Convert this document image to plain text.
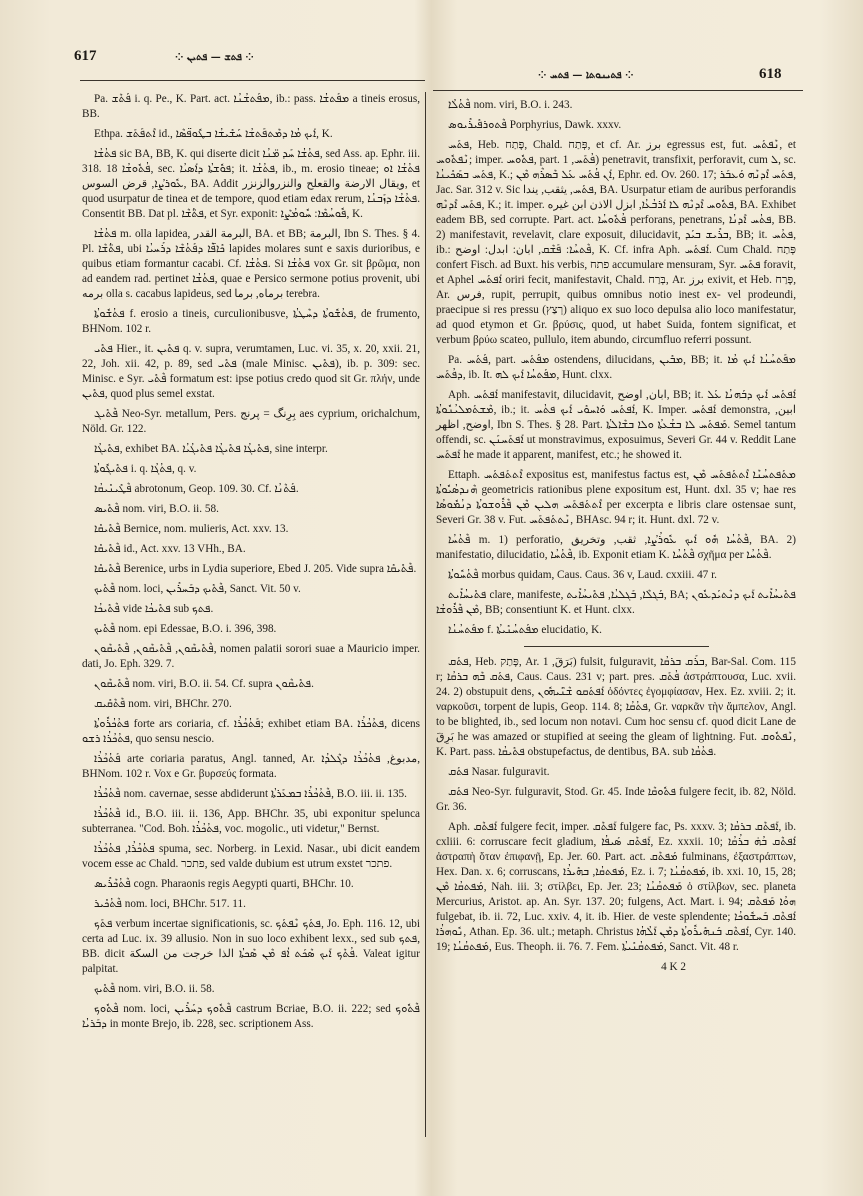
617	⁘ ܦܬܫ — ܦܬܝܢ ⁘
618
⁘ ܦܬܝܢܘܬܐ — ܦܬܚ ⁘

Pa. ܦܰܬܶܫ i. q. Pe., K. Part. act. ܡܦܰܬܫܳܢܳܐ, ib.: pass. ܡܦܰܬܫܳܐ a tineis erosus, BB.

Ethpa. ܐܶܬܦܰܬܰܫ id., ܐܰܝܟ ܡܳܐ ܕܡܶܬܦܰܬܫܳܐ ܚܰܫܺܝܫܳܐ ܒܛܽܘܦ̈ܣܶܐ, K.

ܦܬܳܫܳܐ sic BA, BB, K. qui diserte dicit ܦܬܳܫܳܐ ܚܰܕ ܡ̈ܢܳܐ, sed Ass. ap. Ephr. iii. 318. 18 ܦܳܬܽܘܫܳܐ, sec. ܦܘܽܫܬܳܐ ܕܐܰܣܝܳܐ; it. ܦܬܳܫܳܐ, ib., m. erosio tineae; ܦܬܳܫܳܐ ܐܘ ܥܽܘܪܨܳܐ, قرض السوس, BA. Addit ويقال الارضة والقعلح والنزروالزنزر, et quod usurpatur de tinea et de tempore, quod etiam edax rerum, ܦܬܳܫܳܐ ܕܙܰܒܢܳܐ. Consentit BB. Dat pl. ܦܬ̈ܳܫܶܐ, et Syr. exponit: ܦܽܘܚܳܡܶܐ: ܚܽܘܡܳܨܶܐ, K.

ܦܬܳܫܳܐ m. olla lapidea, البرمة القدر, BA. et BB; البرمة, Ibn S. Thes. § 4. Pl. ܦܬ̈ܳܫܶܐ, ubi ܟܺܐܦ̈ܶܐ ܕܦܰܬܳܫܶܐ ܕܪܰܚܝܳܐ lapides molares sunt e saxis durioribus, e quibus etiam formantur cacabi. Cf. ܦܬܳܫܳܐ. Si ܦܬܳܫܳܐ vox Gr. sit βρῶμα, non ad eandem rad. pertinet ܦܬܳܫܳܐ, quae e Persico sermone potius provenit, ubi برمه olla s. cacabus lapideus, sed برماه, برما terebra.

ܦܬܳܫܽܘܬܳܐ f. erosio a tineis, curculionibusve, ܦܬܳܫܽܘܬܳܐ ܕܚܶܛܬܳܐ, de frumento, BHNom. 102 r.

ܦܬܺܝ Hier., it. ܦܬܺܝܢ q. v. supra, verumtamen, Luc. vi. 35, x. 20, xxii. 21, 22, Joh. xii. 42, p. 89, sed ܦܬܺܝ (male Minisc. ܦܬܺܝܢ), ib. p. 309: sec. Minisc. e Syr. ܦܶܬܺܝ formatum est: ipse potius credo quod sit Gr. πλήν, unde ܦܬܺܝܢ, quod plus semel exstat.

ܦܶܬܺܝܓ Neo-Syr. metallum, Pers. بِرِنگ = پرنج aes cyprium, orichalchum, Nöld. Gr. 122.

ܦܬܺܝܓܳܐ, exhibet BA. ܦܬܺܝܓܳܐ ܦܬܺܝܓܳܐ ܦܬܺܝܓܳܝܳܐ, sine interpr.

ܦܬܺܝܓܽܘܬܳܐ i. q. ܦܬܳܓܳܐ, q. v.

ܦܶܛܺܝܢܺܝܩܳܐ abrotonum, Geop. 109. 30. Cf. ܦܰܬܶܢܳܐ.

ܦܶܬܺܝܣ nom. viri, B.O. ii. 58.

ܦܶܬܺܝܩܺܐ Bernice, nom. mulieris, Act. xxv. 13.

ܦܶܬܺܝܩܺܐ id., Act. xxv. 13 VHh., BA.

ܦܶܬܺܝܩܺܐ Berenice, urbs in Lydia superiore, Ebed J. 205. Vide supra ܦܶܬܺܝܩܺܐ.

ܦܶܬܺܝܟ nom. loci, ܦܶܬܺܝܟ ܕܒܰܚܪܺܝܢ, Sanct. Vit. 50 v.

ܦܶܬܺܝܟܳܐ vide ܦܬܺܝܟܳܐ sub ܦܬܟ.

ܦܶܬܺܝܟ nom. epi Edessae, B.O. i. 396, 398.

ܦܶܬܺܝܩܶܘܢ, ܦܶܬܺܝܩܶܘܢ, ܦܶܬܺܝܩܶܘܢ, nomen palatii sorori suae a Mauricio imper. dati, Jo. Eph. 329. 7.

ܦܶܬܺܝܩܶܘܢ nom. viri, B.O. ii. 54. Cf. supra ܦܬܺܝܩܶܘܢ.

ܦܶܬܶܩܺܝܩ nom. viri, BHChr. 270.

ܦܬܳܟܳܪܽܘܬܳܐ forte ars coriaria, cf. ܦܰܬܳܟܳܪܳܐ; exhibet etiam BA. ܦܬܳܟܳܪܳܐ, dicens ܦܬܳܟܳܪܳܐ ܪܫܘ, quo sensu nescio.

ܦܰܬܳܟܳܪܳܐ arte coriaria paratus, Angl. tanned, Ar. مدبوغ, ܦܬܳܟܳܪܳܐ ܕܓܶܠܕܳܐ, BHNom. 102 r. Vox e Gr. βυρσεύς formata.

ܦܶܬܳܟܳܪܳܐ nom. cavernae, sesse abdiderunt ܦܶܬܳܟܳܪܳܐ ܒܡܥܰܪܬܳܐ, B.O. iii. ii. 135.

ܦܶܬܳܟܳܪܳܐ id., B.O. iii. ii. 136, App. BHChr. 35, ubi exponitur spelunca subterranea. "Cod. Boh. ܦܬܳܟܳܪܳܐ, voc. mogolic., uti videtur," Bernst.

ܦܬܳܟܳܪܳܐ, ܦܬܳܟܳܪܳܐ spuma, sec. Norberg. in Lexid. Nasar., ubi dicit eandem vocem esse ac Chald. פתכר, sed valde dubium est utrum exstet פתכר.

ܦܶܬܳܟܶܪܺܝܣ cogn. Pharaonis regis Aegypti quarti, BHChr. 10.

ܦܶܬܳܟܺܝܪ nom. loci, BHChr. 517. 11.

ܦܬܰܟ verbum incertae significationis, sc. ܦܬܰܟ ܢܶܦܬܰܟ, Jo. Eph. 116. 12, ubi certa ad Luc. ix. 39 allusio. Non in suo loco exhibent lexx., sed sub ܦܬܟ, BB. dicit ܦܳܬܶܟ ܐܰܝܟ ܣܶܟܰܬ ܐܳܦ ܡܶܢ ܣܶܟܬܳܐ الذا خرجت من السكة. Valeat igitur palpitat.

ܦܶܬܺܝܟ nom. viri, B.O. ii. 58.

ܦܶܬܽܘܟ nom. loci, ܦܶܬܽܘܟ ܕܚܰܪܺܝܢ castrum Bcriae, B.O. ii. 222; sed ܦܶܬܽܘܟ ܕܒܰܪܝܳܐ in monte Brejo, ib. 228, sec. scriptionem Ass.

ܦܶܬܳܠܳܐ nom. viri, B.O. i. 243.

ܦܶܬܘܪܦܺܝܪܺܝܘܣ Porphyrius, Dawk. xxxv.

ܦܬܰܚ, Heb. פָּתַח, Chald. פְּתַח, et cf. Ar. برز egressus est, fut. ܢܶܦܬܰܚ, et ܢܶܦܬܽܘܚ; imper. ܦܬܽܘܚ, part. ܦܳܬܰܚ, 1) penetravit, transfixit, perforavit, cum ܠ, sc. ܦܬܰܚ ܒܣܰܟܺܝܢܳܐ, K.; ܐܰܢ ܦܳܬܰܚ ܥܰܠ ܒܶܣܪܶܗ ܡܶܢ, Ephr. ed. Ov. 260. 17; ܦܬܰܚ ܐܶܕܢܶܗ ܘܰܥܒܰܪ, Jac. Sar. 312 v. Sic ܦܬܰܚ, يثقب, يندا, BA. Usurpatur etiam de auribus perforandis ܦܬܰܚ ܐܶܕܢܶܗ, K.; it. imper. ܦܬܽܘܚ ܐܶܕܢܶܗ ܠܐ ܐܰܪܒܳܥܳܐ, ابزل الاذن ابن غيره, BA. Exhibet eadem BB, sed corrupte. Part. act. ܦܳܬܽܘܚܳܐ perforans, penetrans, ܦܬܳܚ ܐܶܕܢܳܐ, BB. 2) manifestavit, revelavit, clare exposuit, dilucidavit, ܒܪܺܝܫ ܒܝܰܕ, BB; it. ܦܬܳܚ, ib.: ܦܶܬܚܳܐ: ܦܰܫܶܩ, ابان: ابدل: اوضح, K. Cf. infra Aph. ܐܰܦܬܰܚ. Cum Chald. פְּתַח confert Fisch. ad Buxt. his verbis, פתח accumulare mensuram, Syr. ܦܬܰܚ foravit, et Aphel ܐܰܦܬܰܚ oriri fecit, manifestavit, Chald. בְּרַח, Ar. برز exivit, et Heb. פָּרַח, Ar. فرس, rupit, perrupit, quibus omnibus notio inest ex- vel prodeundi, praecipue si res pressu (רְצַץ) aliquo ex suo loco depulsa alio loco manifestatur, ad quod etymon et Gr. βρύσις, quod, ut habet Suida, fontem significat, et verbum βρύω scateo, pullulo, item abundo, circumfluo referri possunt.

Pa. ܦܰܬܰܚ, part. ܡܦܰܬܰܚ ostendens, dilucidans, ܡܒܺܝܢ, BB; it. ܡܦܰܬܚܳܢܳܐ ܐܰܝܟ ܡܳܐ ܕܦܳܬܰܚ, ib. It. ܡܦܰܬܚܳܐ ܐܰܝܟ ܠܗ, Hunt. clxx.

Aph. ܐܰܦܬܰܚ manifestavit, dilucidavit, ابان, اوضح, BB; it. ܐܰܦܬܰܚ ܐܰܝܟ ܕܒܰܗܢܳܐ ܥܰܠ ܡܶܫܬܰܡܠܝܳܢܽܘܬܳܐ, ib.; it. ܐܰܦܬܰܚ ܘܰܐܚܘܺܝ ܐܰܝܟ ܦܬܳܚ, K. Imper. ܐܰܦܬܰܚ demonstra, ابين, اوضح, اظهر, Ibn S. Thes. § 28. Part. ܡܰܦܬܰܚ ܠܐ ܒܫܳܥܬܳܐ ܘܠܐ ܒܫܶܐܠܬܳܐ. Semel tantum offendi, sc. ܐܰܦܬܰܚܢܰܢ ut monstravimus, exposuimus, Severi Gr. 44 v. Reddit Lane ܐܰܦܬܰܚ he made it apparent, manifest, etc.; he showed it.

Ettaph. ܐܶܬܬܰܦܬܰܚ expositus est, manifestus factus est, ܡܬܰܦܬܚܳܢܶܐ ܐܶܬܬܰܦܬܰܚ ܡܶܢ ܗܶܢܕܣܳܝܽܘܬܳܐ geometricis rationibus plene expositum est, Hunt. dxl. 35 v; hae res ܐܶܬܬܰܦܬܰܚ ܗܠܝܢ ܡܶܢ ܦܶܪܽܘܫܘܬܳܐ ܕܢܳܡܽܘܣܳܐ per excerpta e libris clare ostensae sunt, Severi Gr. 38 v. Fut. ܢܶܬܬܰܦܬܰܚ, BHAsc. 94 r; it. Hunt. dxl. 72 v.

ܦܶܬܳܚܳܐ m. 1) perforatio, ܦܶܬܳܚܳܐ ܗܽܘ ܐܰܝܟ ܥܽܘܪܳܨܳܐ, ثقب, وتخريق, BA. 2) manifestatio, dilucidatio, ܦܶܬܳܚܳܐ, ib. Exponit etiam K. ܦܶܬܳܚܳܐ σχῆμα per ܦܶܬܳܚܳܐ.

ܦܶܬܳܚܽܘܬܳܐ morbus quidam, Caus. Caus. 36 v, Laud. cxxiii. 47 r.

ܦܬܺܝܚܳܐܺܝܬ clare, manifeste, ܒܰܓܠܶܐ, ܒܰܓܠܝܳܐ, ܦܬܺܝܚܳܐܺܝܬ, BA; ܦܬܺܝܚܳܐܺܝܬ ܐܰܝܟ ܕܢܶܬܝܰܕܥܽܘܢ ܡܶܢ ܦܶܪܽܘܫܳܐ, BB; consentiunt K. et Hunt. clxx.

ܡܦܰܬܚܳܢܳܐ f. ܡܦܰܬܚܳܢܺܝܬܳܐ elucidatio, K.

ܦܬܰܩ, Heb. פָּתַק, Ar. بَرَقَ, 1) fulsit, fulguravit, ܒܪܰܩ ܒܪܩܳܐ, Bar-Sal. Com. 115 r; ܦܬܰܩ ܒܶܗ ܒܪܩܳܐ, Caus. Caus. 231 v; part. pres. ܦܳܬܰܩ ἀστράπτουσα, Luc. xvii. 24. 2) obstupuit dens, ܐܰܦܬܰܩܘ ܫܶܢܰ̈ܝܗܽܘܢ ὀδόντες ἐγομφίασαν, Hex. Ez. xviii. 2; it. ναρκοῦσι, torpent de lupis, Geop. 114. 8; ܦܬܳܩܳܐ, Gr. ναρκᾶν τὴν ἄμπελον, Angl. to be blighted, ib., sed locum non notavi. Cum hoc sensu cf. quod dicit Lane de بَرِقَ he was amazed or stupified at seeing the gleam of lightning. Fut. ܢܶܦܬܽܘܩ, K. Part. pass. ܦܬܺܝܩܳܐ obstupefactus, de dentibus, BA. sub ܦܬܳܩܳܐ.

ܦܬܰܩ Nasar. fulguravit.

ܦܬܰܩ Neo-Syr. fulguravit, Stod. Gr. 45. Inde ܦܬܽܘܩܶܐ fulgere fecit, ib. 82, Nöld. Gr. 36.

Aph. ܐܰܦܬܶܩ fulgere fecit, imper. ܐܰܦܬܶܩ fulgere fac, Ps. xxxv. 3; ܐܰܦܬܶܩ ܒܪܩܳܐ, ib. cxliii. 6: corruscare fecit gladium, ܐܰܦܬܶܩ ܣܰܝܦܳܐ, Ez. xxxii. 10; ܐܰܦܬܶܩ ܒܳܗ̇ ܒܪܳܩܳܐ ἀστραπὴ ὅταν ἐπιφανῇ, Ep. Jer. 60. Part. act. ܡܰܦܬܶܩ fulminans, ἐξαστράπτων, Hex. Dan. x. 6; corruscans, ܡܰܦܬܩܳܐ, ܒܗܺܝܪܳܐ, Ez. i. 7; ܡܰܦܬܩܳܢܳܐ, ib. xxi. 10, 15, 28; ܡܰܦܬܩܳܐ ܡܶܢ, Nah. iii. 3; στίλβει, Ep. Jer. 23; ܡܰܦܬܩܳܢܳܐ ὁ στίλβων, sec. planeta Mercurius, Aristot. ap. An. Syr. 137. 20; fulgens, Act. Mart. i. 94; ܗܘܳܐ ܡܰܦܬܶܩ fulgebat, ib. ii. 72, Luc. xxiv. 4, it. ib. Hier. de veste splendente; ܐܰܦܬܶܩ ܒܰܚܫܽܘܟܳܐ ܢܽܘܗܪܳܐ, Athan. Ep. 36. ult.; metaph. Christus ܐܰܦܬܶܩ ܒܰܢܗܺܝܪܽܘܬܳܐ ܕܡܶܢ ܐܰܠܳܗܳܐ, Cyr. 140. 19; ܡܰܦܬܩܳܢܳܐ, Eus. Theoph. ii. 76. 7. Fem. ܡܰܦܬܩܳܢܺܝܬܳܐ, Sanct. Vit. 48 r.

4 K 2
